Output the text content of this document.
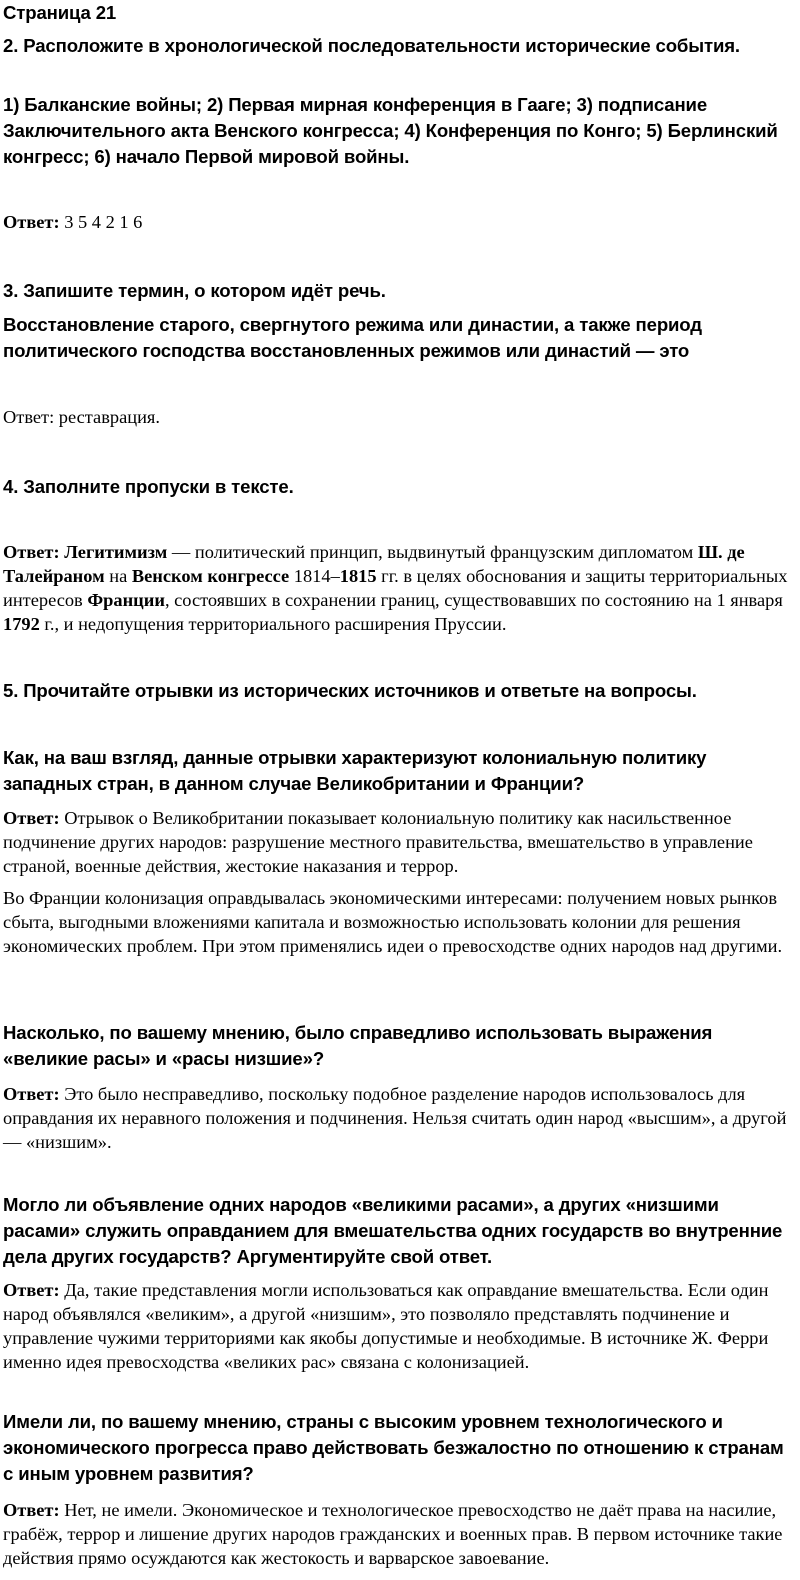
Страница 21
2. Расположите в хронологической последовательности исторические события.
1) Балканские войны; 2) Первая мирная конференция в Гааге; 3) подписание Заключительного акта Венского конгресса; 4) Конференция по Конго; 5) Берлинский конгресс; 6) начало Первой мировой войны.
Ответ: 3 5 4 2 1 6
3. Запишите термин, о котором идёт речь.
Восстановление старого, свергнутого режима или династии, а также период политического господства восстановленных режимов или династий — это
Ответ: реставрация.
4. Заполните пропуски в тексте.
Ответ: Легитимизм — политический принцип, выдвинутый французским дипломатом Ш. де Талейраном на Венском конгрессе 1814–1815 гг. в целях обоснования и защиты территориальных интересов Франции, состоявших в сохранении границ, существовавших по состоянию на 1 января 1792 г., и недопущения территориального расширения Пруссии.
5. Прочитайте отрывки из исторических источников и ответьте на вопросы.
Как, на ваш взгляд, данные отрывки характеризуют колониальную политику западных стран, в данном случае Великобритании и Франции?
Ответ: Отрывок о Великобритании показывает колониальную политику как насильственное подчинение других народов: разрушение местного правительства, вмешательство в управление страной, военные действия, жестокие наказания и террор.
Во Франции колонизация оправдывалась экономическими интересами: получением новых рынков сбыта, выгодными вложениями капитала и возможностью использовать колонии для решения экономических проблем. При этом применялись идеи о превосходстве одних народов над другими.
Насколько, по вашему мнению, было справедливо использовать выражения «великие расы» и «расы низшие»?
Ответ: Это было несправедливо, поскольку подобное разделение народов использовалось для оправдания их неравного положения и подчинения. Нельзя считать один народ «высшим», а другой — «низшим».
Могло ли объявление одних народов «великими расами», а других «низшими расами» служить оправданием для вмешательства одних государств во внутренние дела других государств? Аргументируйте свой ответ.
Ответ: Да, такие представления могли использоваться как оправдание вмешательства. Если один народ объявлялся «великим», а другой «низшим», это позволяло представлять подчинение и управление чужими территориями как якобы допустимые и необходимые. В источнике Ж. Ферри именно идея превосходства «великих рас» связана с колонизацией.
Имели ли, по вашему мнению, страны с высоким уровнем технологического и экономического прогресса право действовать безжалостно по отношению к странам с иным уровнем развития?
Ответ: Нет, не имели. Экономическое и технологическое превосходство не даёт права на насилие, грабёж, террор и лишение других народов гражданских и военных прав. В первом источнике такие действия прямо осуждаются как жестокость и варварское завоевание.
